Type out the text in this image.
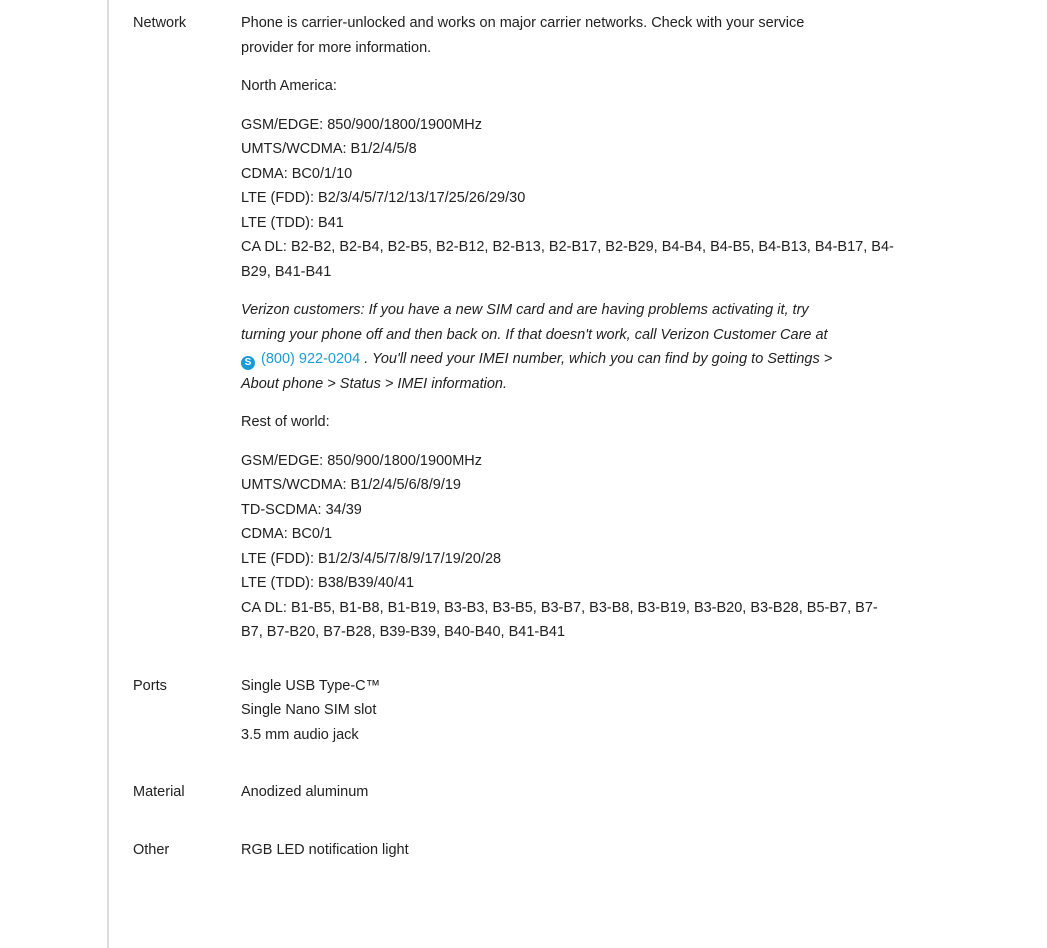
Network	Phone is carrier-unlocked and works on major carrier networks. Check with your service
provider for more information.

North America:

GSM/EDGE: 850/900/1800/1900MHz
UMTS/WCDMA: B1/2/4/5/8
CDMA: BC0/1/10
LTE (FDD): B2/3/4/5/7/12/13/17/25/26/29/30
LTE (TDD): B41
CA DL: B2-B2, B2-B4, B2-B5, B2-B12, B2-B13, B2-B17, B2-B29, B4-B4, B4-B5, B4-B13, B4-B17, B4-
B29, B41-B41

Verizon customers: If you have a new SIM card and are having problems activating it, try
turning your phone off and then back on. If that doesn't work, call Verizon Customer Care at
S (800) 922-0204 . You'll need your IMEI number, which you can find by going to Settings >
About phone > Status > IMEI information.

Rest of world:

GSM/EDGE: 850/900/1800/1900MHz
UMTS/WCDMA: B1/2/4/5/6/8/9/19
TD-SCDMA: 34/39
CDMA: BC0/1
LTE (FDD): B1/2/3/4/5/7/8/9/17/19/20/28
LTE (TDD): B38/B39/40/41
CA DL: B1-B5, B1-B8, B1-B19, B3-B3, B3-B5, B3-B7, B3-B8, B3-B19, B3-B20, B3-B28, B5-B7, B7-
B7, B7-B20, B7-B28, B39-B39, B40-B40, B41-B41

Ports	Single USB Type-C™
Single Nano SIM slot
3.5 mm audio jack
Material	Anodized aluminum
Other	RGB LED notification light
